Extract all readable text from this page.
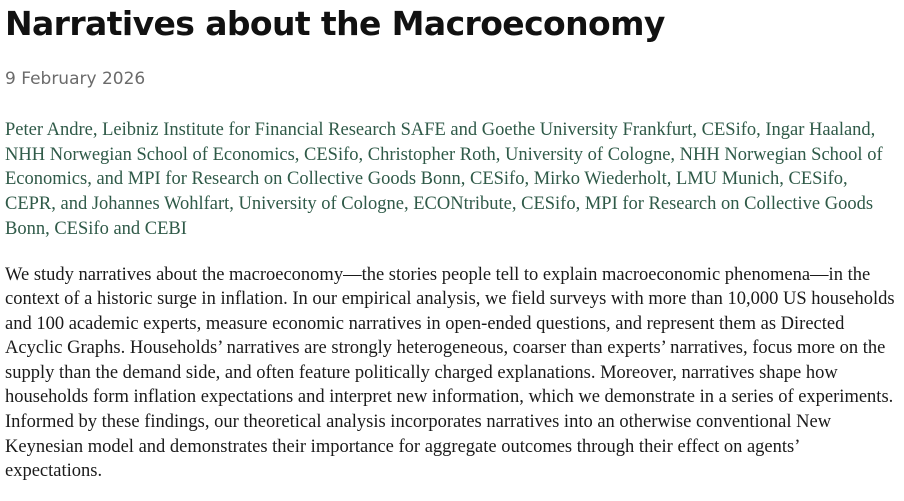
Narratives about the Macroeconomy
9 February 2026
Peter Andre, Leibniz Institute for Financial Research SAFE and Goethe University Frankfurt, CESifo, Ingar Haaland, NHH Norwegian School of Economics, CESifo, Christopher Roth, University of Cologne, NHH Norwegian School of Economics, and MPI for Research on Collective Goods Bonn, CESifo, Mirko Wiederholt, LMU Munich, CESifo, CEPR, and Johannes Wohlfart, University of Cologne, ECONtribute, CESifo, MPI for Research on Collective Goods Bonn, CESifo and CEBI
We study narratives about the macroeconomy—the stories people tell to explain macroeconomic phenomena—in the context of a historic surge in inflation. In our empirical analysis, we field surveys with more than 10,000 US households and 100 academic experts, measure economic narratives in open-ended questions, and represent them as Directed Acyclic Graphs. Households’ narratives are strongly heterogeneous, coarser than experts’ narratives, focus more on the supply than the demand side, and often feature politically charged explanations. Moreover, narratives shape how households form inflation expectations and interpret new information, which we demonstrate in a series of experiments. Informed by these findings, our theoretical analysis incorporates narratives into an otherwise conventional New Keynesian model and demonstrates their importance for aggregate outcomes through their effect on agents’ expectations.
